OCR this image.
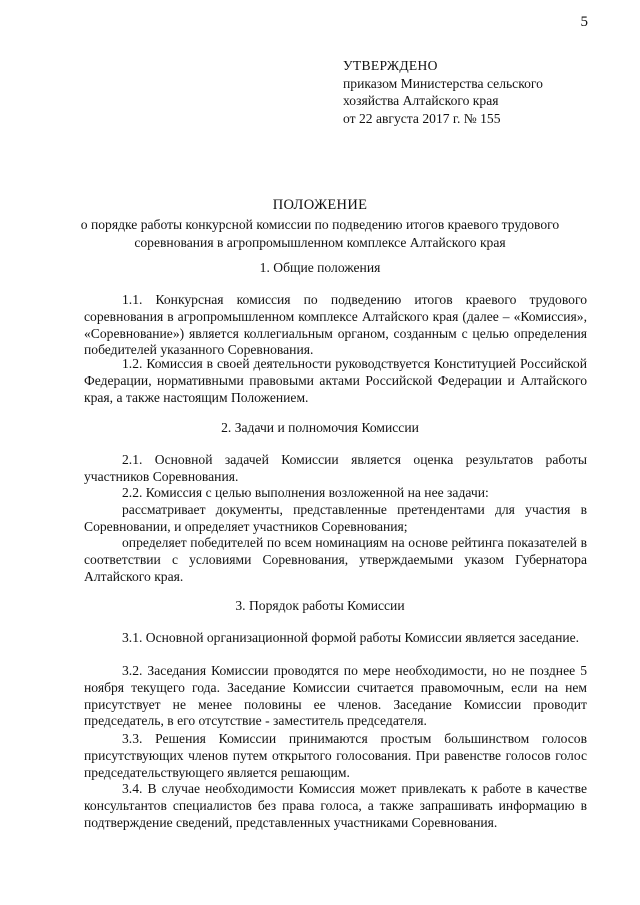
5
УТВЕРЖДЕНО
приказом Министерства сельского
хозяйства Алтайского края
от 22 августа 2017 г. № 155
ПОЛОЖЕНИЕ
о порядке работы конкурсной комиссии по подведению итогов краевого трудового
соревнования в агропромышленном комплексе Алтайского края
1. Общие положения
1.1. Конкурсная комиссия по подведению итогов краевого трудового соревнования в агропромышленном комплексе Алтайского края (далее – «Комиссия», «Соревнование») является коллегиальным органом, созданным с целью определения победителей указанного Соревнования.
1.2. Комиссия в своей деятельности руководствуется Конституцией Российской Федерации, нормативными правовыми актами Российской Федерации и Алтайского края, а также настоящим Положением.
2. Задачи и полномочия Комиссии
2.1. Основной задачей Комиссии является оценка результатов работы участников Соревнования.
2.2. Комиссия с целью выполнения возложенной на нее задачи:
рассматривает документы, представленные претендентами для участия в Соревновании, и определяет участников Соревнования;
определяет победителей по всем номинациям на основе рейтинга показателей в соответствии с условиями Соревнования, утверждаемыми указом Губернатора Алтайского края.
3. Порядок работы Комиссии
3.1. Основной организационной формой работы Комиссии является заседание.
3.2. Заседания Комиссии проводятся по мере необходимости, но не позднее 5 ноября текущего года. Заседание Комиссии считается правомочным, если на нем присутствует не менее половины ее членов. Заседание Комиссии проводит председатель, в его отсутствие - заместитель председателя.
3.3. Решения Комиссии принимаются простым большинством голосов присутствующих членов путем открытого голосования. При равенстве голосов голос председательствующего является решающим.
3.4. В случае необходимости Комиссия может привлекать к работе в качестве консультантов специалистов без права голоса, а также запрашивать информацию в подтверждение сведений, представленных участниками Соревнования.
